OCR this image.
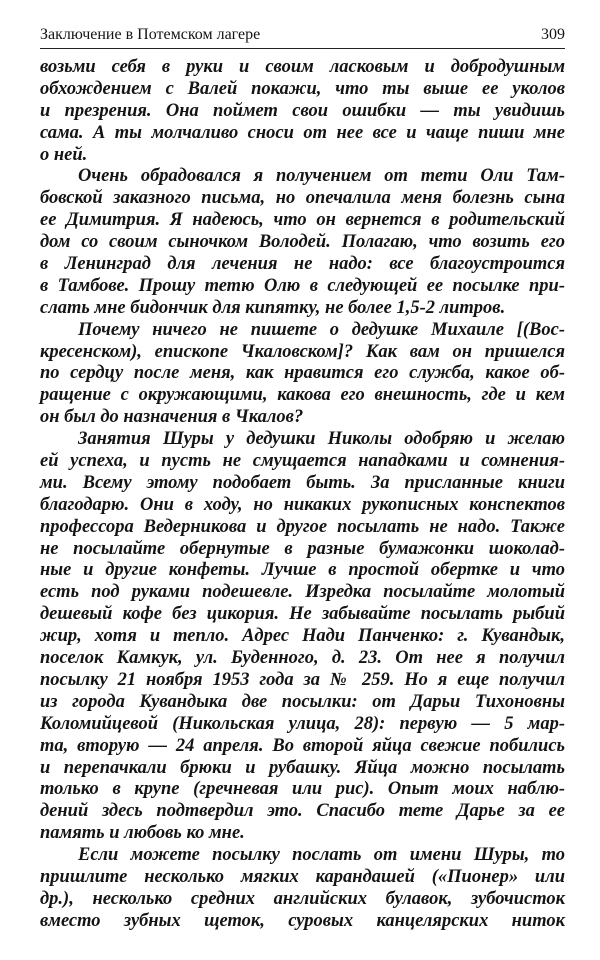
Заключение в Потемском лагере	309
возьми себя в руки и своим ласковым и добродушным
обхождением с Валей покажи, что ты выше ее уколов
и презрения. Она поймет свои ошибки — ты увидишь
сама. А ты молчаливо сноси от нее все и чаще пиши мне
о ней.
Очень обрадовался я получением от тети Оли Там-
бовской заказного письма, но опечалила меня болезнь сына
ее Димитрия. Я надеюсь, что он вернется в родительский
дом со своим сыночком Володей. Полагаю, что возить его
в Ленинград для лечения не надо: все благоустроится
в Тамбове. Прошу тетю Олю в следующей ее посылке при-
слать мне бидончик для кипятку, не более 1,5-2 литров.
Почему ничего не пишете о дедушке Михаиле [(Вос-
кресенском), епископе Чкаловском]? Как вам он пришелся
по сердцу после меня, как нравится его служба, какое об-
ращение с окружающими, какова его внешность, где и кем
он был до назначения в Чкалов?
Занятия Шуры у дедушки Николы одобряю и желаю
ей успеха, и пусть не смущается нападками и сомнения-
ми. Всему этому подобает быть. За присланные книги
благодарю. Они в ходу, но никаких рукописных конспектов
профессора Ведерникова и другое посылать не надо. Также
не посылайте обернутые в разные бумажонки шоколад-
ные и другие конфеты. Лучше в простой обертке и что
есть под руками подешевле. Изредка посылайте молотый
дешевый кофе без цикория. Не забывайте посылать рыбий
жир, хотя и тепло. Адрес Нади Панченко: г. Кувандык,
поселок Камкук, ул. Буденного, д. 23. От нее я получил
посылку 21 ноября 1953 года за № 259. Но я еще получил
из города Кувандыка две посылки: от Дарьи Тихоновны
Коломийцевой (Никольская улица, 28): первую — 5 мар-
та, вторую — 24 апреля. Во второй яйца свежие побились
и перепачкали брюки и рубашку. Яйца можно посылать
только в крупе (гречневая или рис). Опыт моих наблю-
дений здесь подтвердил это. Спасибо тете Дарье за ее
память и любовь ко мне.
Если можете посылку послать от имени Шуры, то
пришлите несколько мягких карандашей («Пионер» или
др.), несколько средних английских булавок, зубочисток
вместо зубных щеток, суровых канцелярских ниток
